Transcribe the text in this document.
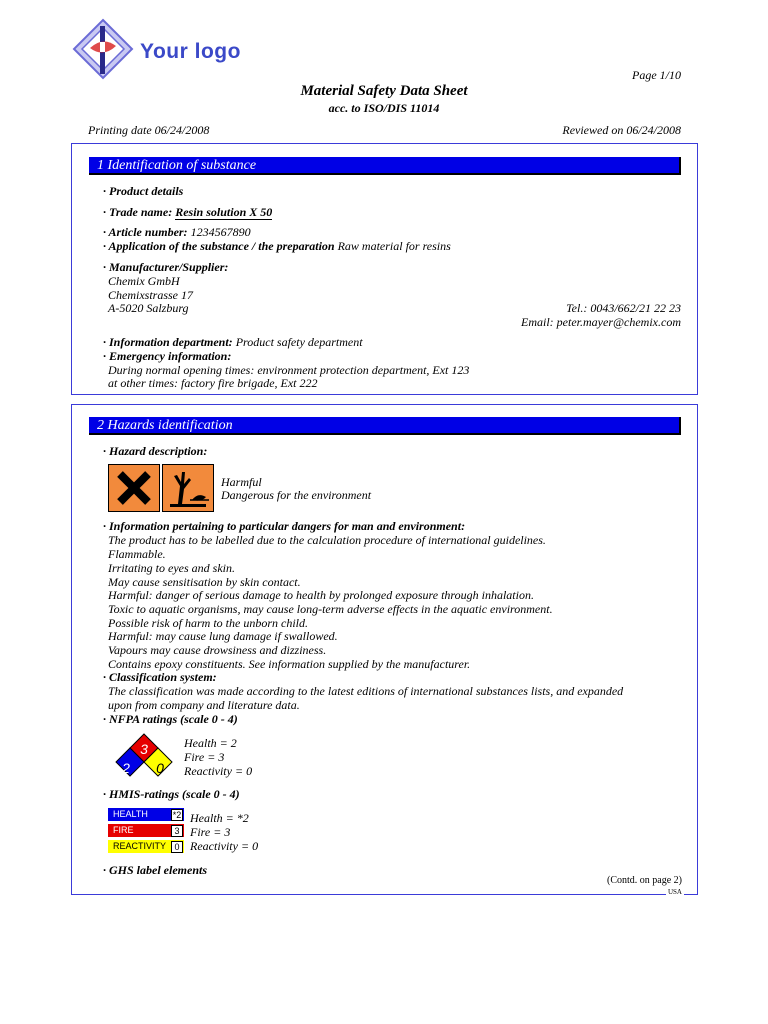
Your logo
Page 1/10
Material Safety Data Sheet
acc. to ISO/DIS 11014
Printing date 06/24/2008	Reviewed on 06/24/2008
1 Identification of substance
· Product details
· Trade name: Resin solution X 50
· Article number: 1234567890
· Application of the substance / the preparation Raw material for resins
· Manufacturer/Supplier:
Chemix GmbH
Chemixstrasse 17
A-5020 Salzburg	Tel.: 0043/662/21 22 23
Email: peter.mayer@chemix.com
· Information department: Product safety department
· Emergency information:
During normal opening times: environment protection department, Ext 123
at other times: factory fire brigade, Ext 222
2 Hazards identification
· Hazard description:
Harmful
Dangerous for the environment
· Information pertaining to particular dangers for man and environment:
The product has to be labelled due to the calculation procedure of international guidelines.
Flammable.
Irritating to eyes and skin.
May cause sensitisation by skin contact.
Harmful: danger of serious damage to health by prolonged exposure through inhalation.
Toxic to aquatic organisms, may cause long-term adverse effects in the aquatic environment.
Possible risk of harm to the unborn child.
Harmful: may cause lung damage if swallowed.
Vapours may cause drowsiness and dizziness.
Contains epoxy constituents. See information supplied by the manufacturer.
· Classification system:
The classification was made according to the latest editions of international substances lists, and expanded
upon from company and literature data.
· NFPA ratings (scale 0 - 4)
3
2 0
Health = 2
Fire = 3
Reactivity = 0
· HMIS-ratings (scale 0 - 4)
HEALTH	*2
FIRE	3
REACTIVITY 0
Health = *2
Fire = 3
Reactivity = 0
· GHS label elements
(Contd. on page 2)
USA
